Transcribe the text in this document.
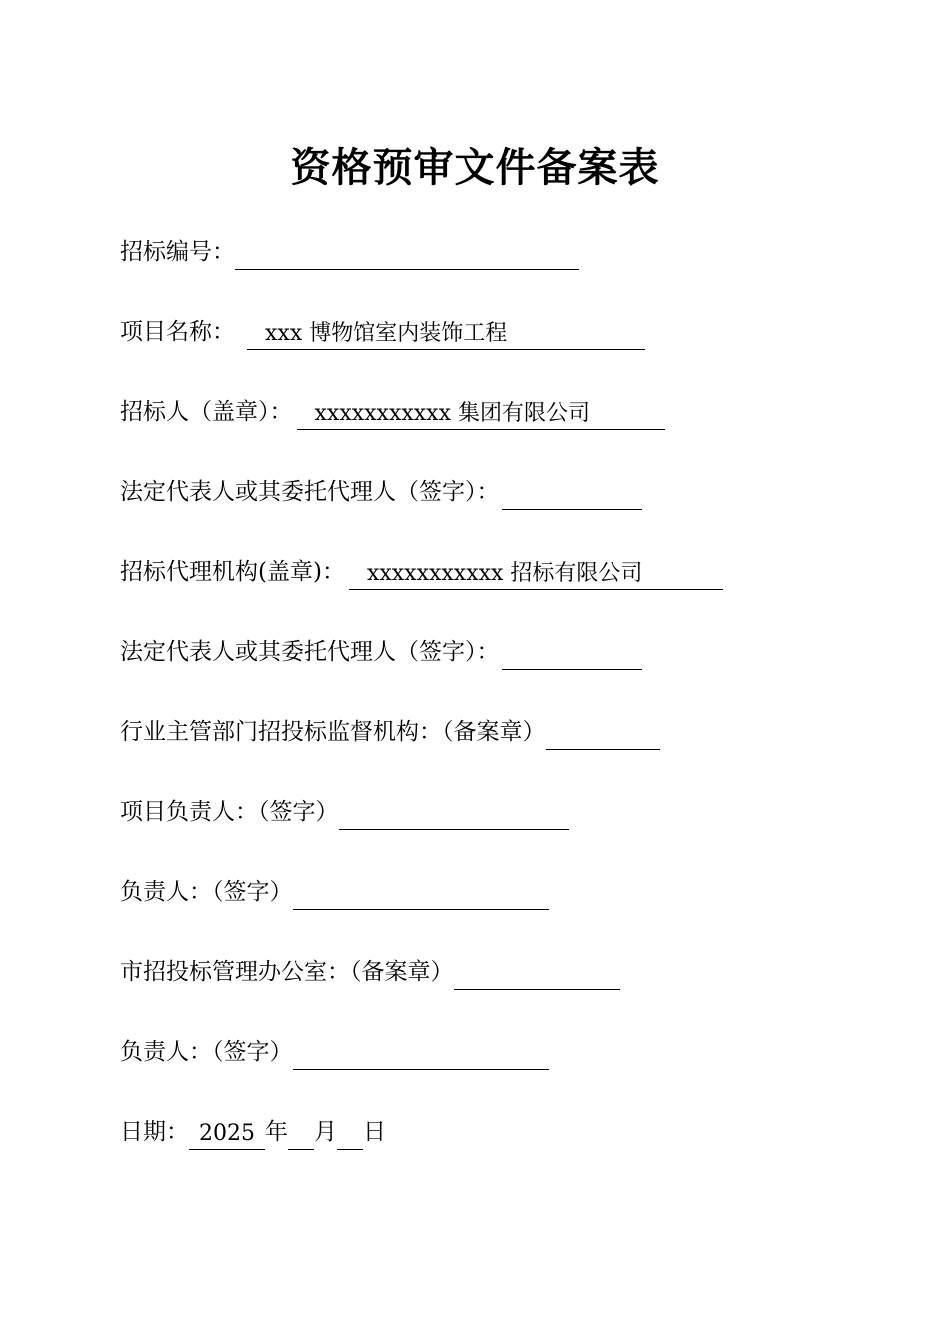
资格预审文件备案表
招标编号：
项目名称： xxx 博物馆室内装饰工程
招标人（盖章）： xxxxxxxxxxx 集团有限公司
法定代表人或其委托代理人（签字）：
招标代理机构(盖章)： xxxxxxxxxxx 招标有限公司
法定代表人或其委托代理人（签字）：
行业主管部门招投标监督机构：（备案章）
项目负责人：（签字）
负责人：（签字）
市招投标管理办公室：（备案章）
负责人：（签字）
日期： 2025 年 月 日
